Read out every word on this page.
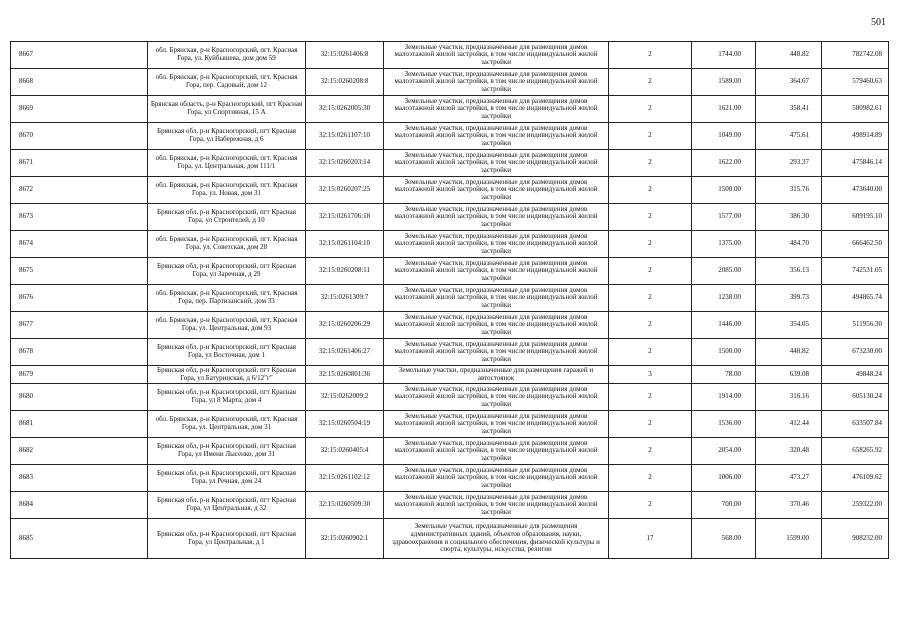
501
8667	обл. Брянская, р-н Красногорский, пгт. Красная Гора, ул. Куйбышева, дом дом 59	32:15:0261406:8	Земельные участки, предназначенные для размещения домов малоэтажной жилой застройки, в том числе индивидуальной жилой застройки	2	1744.00	448.82	782742.08
8668	обл. Брянская, р-н Красногорский, пгт. Красная Гора, пер. Садовый, дом 12	32:15:0260208:8	Земельные участки, предназначенные для размещения домов малоэтажной жилой застройки, в том числе индивидуальной жилой застройки	2	1589.00	364.67	579460.63
8669	Брянская область, р-н Красногорский, пгт Красная Гора, ул Спортивная, 15 А	32:15:0262005:30	Земельные участки, предназначенные для размещения домов малоэтажной жилой застройки, в том числе индивидуальной жилой застройки	2	1621.00	358.41	580982.61
8670	Брянская обл, р-н Красногорский, пгт Красная Гора, ул Набережная, д 6	32:15:0261107:10	Земельные участки, предназначенные для размещения домов малоэтажной жилой застройки, в том числе индивидуальной жилой застройки	2	1049.00	475.61	498914.89
8671	обл. Брянская, р-н Красногорский, пгт. Красная Гора, ул. Центральная, дом 111/1	32:15:0260203:14	Земельные участки, предназначенные для размещения домов малоэтажной жилой застройки, в том числе индивидуальной жилой застройки	2	1622.00	293.37	475846.14
8672	обл. Брянская, р-н Красногорский, пгт. Красная Гора, ул. Новая, дом 31	32:15:0260207:25	Земельные участки, предназначенные для размещения домов малоэтажной жилой застройки, в том числе индивидуальной жилой застройки	2	1500.00	315.76	473640.00
8673	Брянская обл, р-н Красногорский, пгт Красная Гора, ул Строителей, д 10	32:15:0261706:18	Земельные участки, предназначенные для размещения домов малоэтажной жилой застройки, в том числе индивидуальной жилой застройки	2	1577.00	386.30	609195.10
8674	обл. Брянская, р-н Красногорский, пгт. Красная Гора, ул. Советская, дом 28	32:15:0261104:10	Земельные участки, предназначенные для размещения домов малоэтажной жилой застройки, в том числе индивидуальной жилой застройки	2	1375.00	484.70	666462.50
8675	Брянская обл, р-н Красногорский, пгт Красная Гора, ул Заречная, д 29	32:15:0260208:11	Земельные участки, предназначенные для размещения домов малоэтажной жилой застройки, в том числе индивидуальной жилой застройки	2	2085.00	356.13	742531.05
8676	обл. Брянская, р-н Красногорский, пгт. Красная Гора, пер. Партизанский, дом 33	32:15:0261309:7	Земельные участки, предназначенные для размещения домов малоэтажной жилой застройки, в том числе индивидуальной жилой застройки	2	1238.00	399.73	494865.74
8677	обл. Брянская, р-н Красногорский, пгт. Красная Гора, ул. Центральная, дом 93	32:15:0260206:29	Земельные участки, предназначенные для размещения домов малоэтажной жилой застройки, в том числе индивидуальной жилой застройки	2	1446.00	354.05	511956.30
8678	Брянская обл, р-н Красногорский, пгт Красная Гора, ул Восточная, дом 1	32:15:0261406:27	Земельные участки, предназначенные для размещения домов малоэтажной жилой застройки, в том числе индивидуальной жилой застройки	2	1500.00	448.82	673230.00
8679	Брянская обл, р-н Красногорский, пгт Красная Гора, ул Батуринская, д 6/12"г"	32:15:0260801:36	Земельные участки, предназначенные для размещения гаражей и автостоянок	3	78.00	639.08	49848.24
8680	Брянская обл, р-н Красногорский, пгт Красная Гора, ул 8 Марта, дом 4	32:15:0262009:2	Земельные участки, предназначенные для размещения домов малоэтажной жилой застройки, в том числе индивидуальной жилой застройки	2	1914.00	316.16	605130.24
8681	обл. Брянская, р-н Красногорский, пгт. Красная Гора, ул. Центральная, дом 31	32:15:0260504:19	Земельные участки, предназначенные для размещения домов малоэтажной жилой застройки, в том числе индивидуальной жилой застройки	2	1536.00	412.44	633507.84
8682	Брянская обл, р-н Красногорский, пгт Красная Гора, ул Имени Лысенко, дом 31	32:15:0260405:4	Земельные участки, предназначенные для размещения домов малоэтажной жилой застройки, в том числе индивидуальной жилой застройки	2	2054.00	320.48	658265.92
8683	Брянская обл, р-н Красногорский, пгт Красная Гора, ул Речная, дом 24	32:15:0261102:12	Земельные участки, предназначенные для размещения домов малоэтажной жилой застройки, в том числе индивидуальной жилой застройки	2	1006.00	473.27	476109.62
8684	Брянская обл, р-н Красногорский, пгт Красная Гора, ул Центральная, д 32	32:15:0260509:30	Земельные участки, предназначенные для размещения домов малоэтажной жилой застройки, в том числе индивидуальной жилой застройки	2	700.00	370.46	259322.00
8685	Брянская обл, р-н Красногорский, пгт Красная Гора, ул Центральная, д 1	32:15:0260902:1	Земельные участки, предназначенные для размещения административных зданий, объектов образования, науки, здравоохранения и социального обеспечения, физической культуры и спорта, культуры, искусства, религии	17	568.00	1599.00	908232.00
